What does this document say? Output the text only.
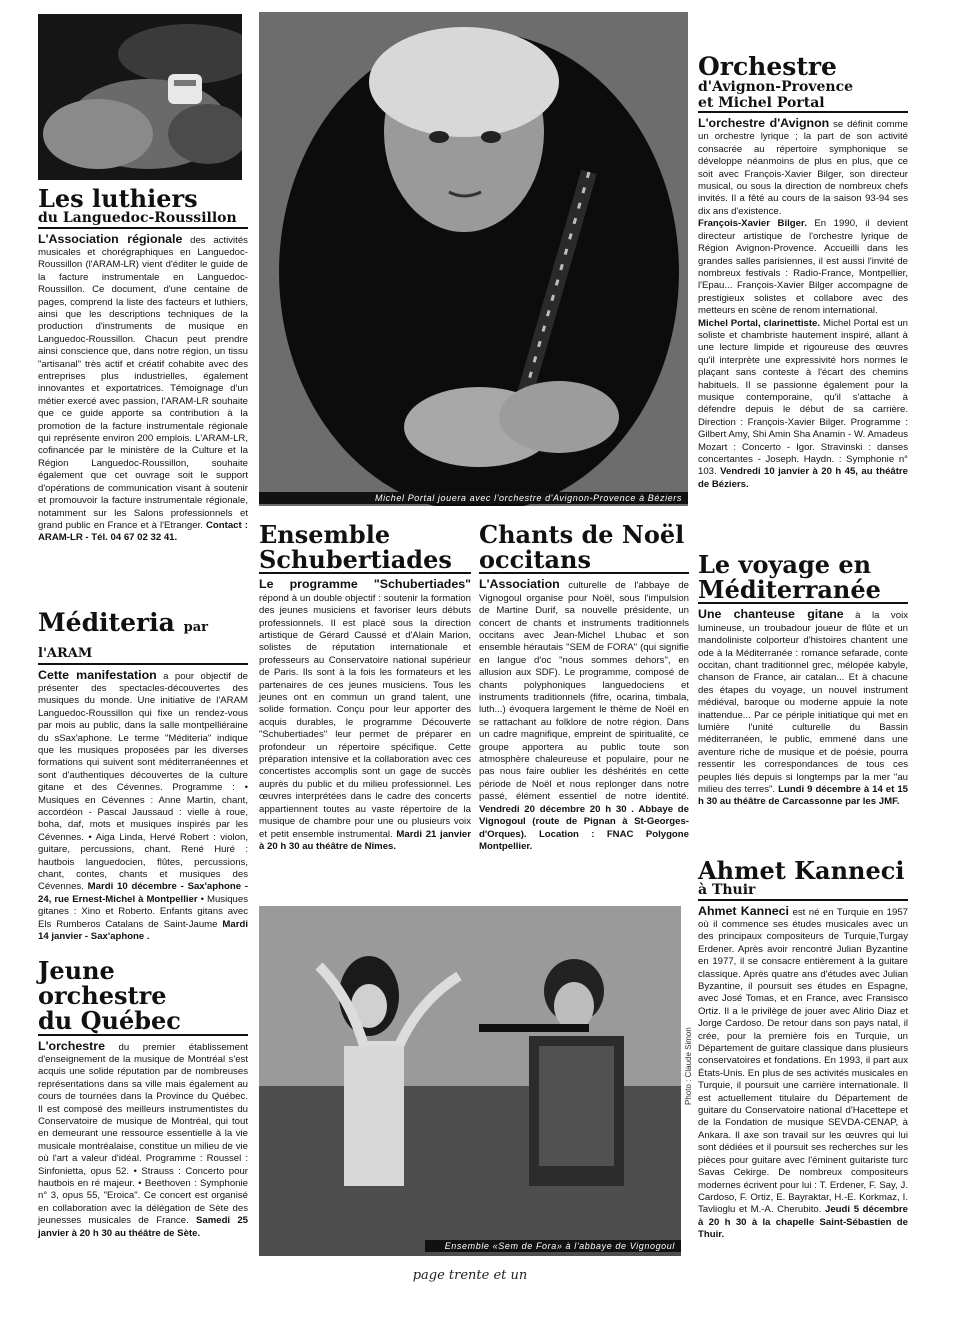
Les luthiers
du Languedoc-Roussillon

L'Association régionale des activités musicales et chorégraphiques en Languedoc-Roussillon (l'ARAM-LR) vient d'éditer le guide de la facture instrumentale en Languedoc-Roussillon. Ce document, d'une centaine de pages, comprend la liste des facteurs et luthiers, ainsi que les descriptions techniques de la production d'instruments de musique en Languedoc-Roussillon. Chacun peut prendre ainsi conscience que, dans notre région, un tissu "artisanal" très actif et créatif cohabite avec des entreprises plus industrielles, également innovantes et exportatrices. Témoignage d'un métier exercé avec passion, l'ARAM-LR souhaite que ce guide apporte sa contribution à la promotion de la facture instrumentale régionale qui représente environ 200 emplois. L'ARAM-LR, cofinancée par le ministère de la Culture et la Région Languedoc-Roussillon, souhaite également que cet ouvrage soit le support d'opérations de communication visant à soutenir et promouvoir la facture instrumentale régionale, notamment sur les Salons professionnels et grand public en France et à l'Etranger. Contact : ARAM-LR - Tél. 04 67 02 32 41.

Méditeria par l'ARAM

Cette manifestation a pour objectif de présenter des spectacles-découvertes des musiques du monde. Une initiative de l'ARAM Languedoc-Roussillon qui fixe un rendez-vous par mois au public, dans la salle montpelliéraine du sSax'aphone. Le terme "Méditeria" indique que les musiques proposées par les diverses formations qui suivent sont méditerranéennes et sont d'authentiques découvertes de la culture gitane et des Cévennes. Programme : • Musiques en Cévennes : Anne Martin, chant, accordéon - Pascal Jaussaud : vielle à roue, boha, daf, mots et musiques inspirés par les Cévennes. • Aiga Linda, Hervé Robert : violon, guitare, percussions, chant. René Huré : hautbois languedocien, flûtes, percussions, chant, contes, chants et musiques des Cévennes. Mardi 10 décembre - Sax'aphone - 24, rue Ernest-Michel à Montpellier • Musiques gitanes : Xino et Roberto. Enfants gitans avec Els Rumberos Catalans de Saint-Jaume Mardi 14 janvier - Sax'aphone .

Jeune orchestre
du Québec

L'orchestre du premier établissement d'enseignement de la musique de Montréal s'est acquis une solide réputation par de nombreuses représentations dans sa ville mais également au cours de tournées dans la Province du Québec. Il est composé des meilleurs instrumentistes du Conservatoire de musique de Montréal, qui tout en demeurant une ressource essentielle à la vie musicale montréalaise, constitue un milieu de vie où l'art a valeur d'idéal. Programme : Roussel : Sinfonietta, opus 52. • Strauss : Concerto pour hautbois en ré majeur. • Beethoven : Symphonie n° 3, opus 55, "Eroica". Ce concert est organisé en collaboration avec la délégation de Sète des jeunesses musicales de France. Samedi 25 janvier à 20 h 30 au théâtre de Sète.

Michel Portal jouera avec l'orchestre d'Avignon-Provence à Béziers
Ensemble
Schubertiades

Le programme "Schubertiades" répond à un double objectif : soutenir la formation des jeunes musiciens et favoriser leurs débuts professionnels. Il est placé sous la direction artistique de Gérard Caussé et d'Alain Marion, solistes de réputation internationale et professeurs au Conservatoire national supérieur de Paris. Ils sont à la fois les formateurs et les partenaires de ces jeunes musiciens. Tous les jeunes ont en commun un grand talent, une solide formation. Conçu pour leur apporter des acquis durables, le programme Découverte "Schubertiades" leur permet de préparer en profondeur un répertoire spécifique. Cette préparation intensive et la collaboration avec ces concertistes accomplis sont un gage de succès auprès du public et du milieu professionnel. Les œuvres interprétées dans le cadre des concerts appartiennent toutes au vaste répertoire de la musique de chambre pour une ou plusieurs voix et petit ensemble instrumental. Mardi 21 janvier à 20 h 30 au théâtre de Nîmes.

Chants de Noël
occitans

L'Association culturelle de l'abbaye de Vignogoul organise pour Noël, sous l'impulsion de Martine Durif, sa nouvelle présidente, un concert de chants et instruments traditionnels occitans avec Jean-Michel Lhubac et son ensemble hérautais "SEM de FORA" (qui signifie en langue d'oc "nous sommes dehors", en allusion aux SDF). Le programme, composé de chants polyphoniques languedociens et instruments traditionnels (fifre, ocarina, timbala, luth...) évoquera largement le thème de Noël en se rattachant au folklore de notre région. Dans un cadre magnifique, empreint de spiritualité, ce groupe apportera au public toute son atmosphère chaleureuse et populaire, pour ne pas nous faire oublier les déshérités en cette période de Noël et nous replonger dans notre passé, élément essentiel de notre identité. Vendredi 20 décembre 20 h 30 . Abbaye de Vignogoul (route de Pignan à St-Georges-d'Orques). Location : FNAC Polygone Montpellier.

Ensemble «Sem de Fora» à l'abbaye de Vignogoul
Photo : Claude Simon
Orchestre
d'Avignon-Provence
et Michel Portal

L'orchestre d'Avignon se définit comme un orchestre lyrique ; la part de son activité consacrée au répertoire symphonique se développe néanmoins de plus en plus, que ce soit avec François-Xavier Bilger, son directeur musical, ou sous la direction de nombreux chefs invités. Il a fêté au cours de la saison 93-94 ses dix ans d'existence.

François-Xavier Bilger. En 1990, il devient directeur artistique de l'orchestre lyrique de Région Avignon-Provence. Accueilli dans les grandes salles parisiennes, il est aussi l'invité de nombreux festivals : Radio-France, Montpellier, l'Epau... François-Xavier Bilger accompagne de prestigieux solistes et collabore avec des metteurs en scène de renom international.

Michel Portal, clarinettiste. Michel Portal est un soliste et chambriste hautement inspiré, allant à une lecture limpide et rigoureuse des œuvres qu'il interprète une expressivité hors normes le plaçant sans conteste à l'écart des chemins habituels. Il se passionne également pour la musique contemporaine, qu'il s'attache à défendre depuis le début de sa carrière. Direction : François-Xavier Bilger. Programme : Gilbert Amy, Shi Amin Sha Anamin - W. Amadeus Mozart : Concerto - Igor. Stravinski : danses concertantes - Joseph. Haydn. : Symphonie n° 103. Vendredi 10 janvier à 20 h 45, au théâtre de Béziers.

Le voyage en
Méditerranée

Une chanteuse gitane à la voix lumineuse, un troubadour joueur de flûte et un mandoliniste colporteur d'histoires chantent une ode à la Méditerranée : romance sefarade, conte occitan, chant traditionnel grec, mélopée kabyle, chanson de France, air catalan... Et à chacune des étapes du voyage, un nouvel instrument médiéval, baroque ou moderne appuie la note inattendue... Par ce périple initiatique qui met en lumière l'unité culturelle du Bassin méditerranéen, le public, emmené dans une aventure riche de musique et de poésie, pourra ressentir les correspondances de tous ces peuples liés depuis si longtemps par la mer "au milieu des terres". Lundi 9 décembre à 14 et 15 h 30 au théâtre de Carcassonne par les JMF.

Ahmet Kanneci
à Thuir

Ahmet Kanneci est né en Turquie en 1957 où il commence ses études musicales avec un des principaux compositeurs de Turquie,Turgay Erdener. Après avoir rencontré Julian Byzantine en 1977, il se consacre entièrement à la guitare classique. Après quatre ans d'études avec Julian Byzantine, il poursuit ses études en Espagne, avec José Tomas, et en France, avec Fransisco Ortiz. Il a le privilège de jouer avec Alirio Diaz et Jorge Cardoso. De retour dans son pays natal, il crée, pour la première fois en Turquie, un Département de guitare classique dans plusieurs conservatoires et fondations. En 1993, il part aux États-Unis. En plus de ses activités musicales en Turquie, il poursuit une carrière internationale. Il est actuellement titulaire du Département de guitare du Conservatoire national d'Hacettepe et de la Fondation de musique SEVDA-CENAP, à Ankara. Il axe son travail sur les œuvres qui lui sont dédiées et il poursuit ses recherches sur les pièces pour guitare avec l'éminent guitariste turc Savas Cekirge. De nombreux compositeurs modernes écrivent pour lui : T. Erdener, F. Say, J. Cardoso, F. Ortiz, E. Bayraktar, H.-E. Korkmaz, I. Tavlioglu et M.-A. Cherubito. Jeudi 5 décembre à 20 h 30 à la chapelle Saint-Sébastien de Thuir.

page trente et un
